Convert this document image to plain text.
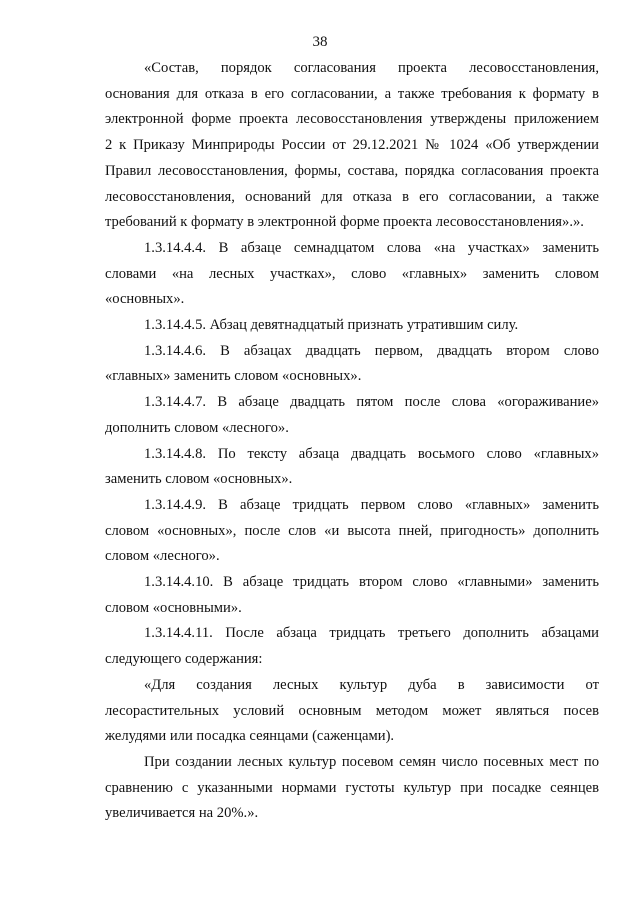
38
«Состав, порядок согласования проекта лесовосстановления,
основания для отказа в его согласовании, а также требования к формату в
электронной форме проекта лесовосстановления утверждены приложением
2 к Приказу Минприроды России от 29.12.2021 № 1024 «Об утверждении
Правил лесовосстановления, формы, состава, порядка согласования проекта
лесовосстановления, оснований для отказа в его согласовании, а также
требований к формату в электронной форме проекта лесовосстановления».».
1.3.14.4.4. В абзаце семнадцатом слова «на участках» заменить
словами «на лесных участках», слово «главных» заменить словом
«основных».
1.3.14.4.5. Абзац девятнадцатый признать утратившим силу.
1.3.14.4.6. В абзацах двадцать первом, двадцать втором слово
«главных» заменить словом «основных».
1.3.14.4.7. В абзаце двадцать пятом после слова «огораживание»
дополнить словом «лесного».
1.3.14.4.8. По тексту абзаца двадцать восьмого слово «главных»
заменить словом «основных».
1.3.14.4.9. В абзаце тридцать первом слово «главных» заменить
словом «основных», после слов «и высота пней, пригодность» дополнить
словом «лесного».
1.3.14.4.10. В абзаце тридцать втором слово «главными» заменить
словом «основными».
1.3.14.4.11. После абзаца тридцать третьего дополнить абзацами
следующего содержания:
«Для создания лесных культур дуба в зависимости от
лесорастительных условий основным методом может являться посев
желудями или посадка сеянцами (саженцами).
При создании лесных культур посевом семян число посевных мест по
сравнению с указанными нормами густоты культур при посадке сеянцев
увеличивается на 20%.».
